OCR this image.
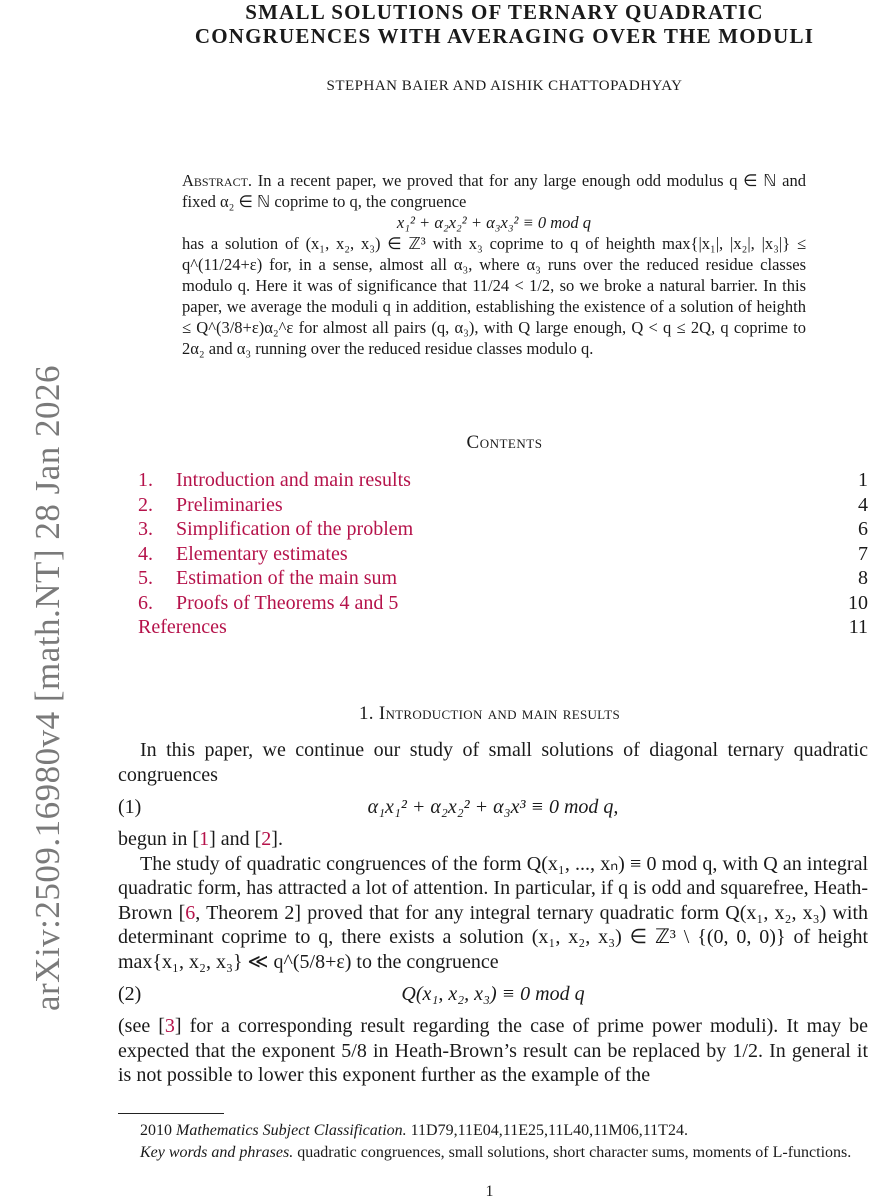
arXiv:2509.16980v4 [math.NT] 28 Jan 2026
SMALL SOLUTIONS OF TERNARY QUADRATIC
CONGRUENCES WITH AVERAGING OVER THE MODULI
STEPHAN BAIER AND AISHIK CHATTOPADHYAY

Abstract. In a recent paper, we proved that for any large enough odd modulus q ∈ ℕ and fixed α₂ ∈ ℕ coprime to q, the congruence

x₁² + α₂x₂² + α₃x₃² ≡ 0 mod q

has a solution of (x₁, x₂, x₃) ∈ ℤ³ with x₃ coprime to q of heighth max{|x₁|, |x₂|, |x₃|} ≤ q^(11/24+ε) for, in a sense, almost all α₃, where α₃ runs over the reduced residue classes modulo q. Here it was of significance that 11/24 < 1/2, so we broke a natural barrier. In this paper, we average the moduli q in addition, establishing the existence of a solution of heighth ≤ Q^(3/8+ε)α₂^ε for almost all pairs (q, α₃), with Q large enough, Q < q ≤ 2Q, q coprime to 2α₂ and α₃ running over the reduced residue classes modulo q.

Contents
1. Introduction and main results	1
2. Preliminaries	4
3. Simplification of the problem	6
4. Elementary estimates	7
5. Estimation of the main sum	8
6. Proofs of Theorems 4 and 5	10
References	11
1. Introduction and main results

In this paper, we continue our study of small solutions of diagonal ternary quadratic congruences

(1)	α₁x₁² + α₂x₂² + α₃x³ ≡ 0 mod q,

begun in [1] and [2].

The study of quadratic congruences of the form Q(x₁, ..., xₙ) ≡ 0 mod q, with Q an integral quadratic form, has attracted a lot of attention. In particular, if q is odd and squarefree, Heath-Brown [6, Theorem 2] proved that for any integral ternary quadratic form Q(x₁, x₂, x₃) with determinant coprime to q, there exists a solution (x₁, x₂, x₃) ∈ ℤ³ \ {(0, 0, 0)} of height max{x₁, x₂, x₃} ≪ q^(5/8+ε) to the congruence

(2)	Q(x₁, x₂, x₃) ≡ 0 mod q

(see [3] for a corresponding result regarding the case of prime power moduli). It may be expected that the exponent 5/8 in Heath-Brown’s result can be replaced by 1/2. In general it is not possible to lower this exponent further as the example of the

2010 Mathematics Subject Classification. 11D79,11E04,11E25,11L40,11M06,11T24.

Key words and phrases. quadratic congruences, small solutions, short character sums, moments of L-functions.

1
